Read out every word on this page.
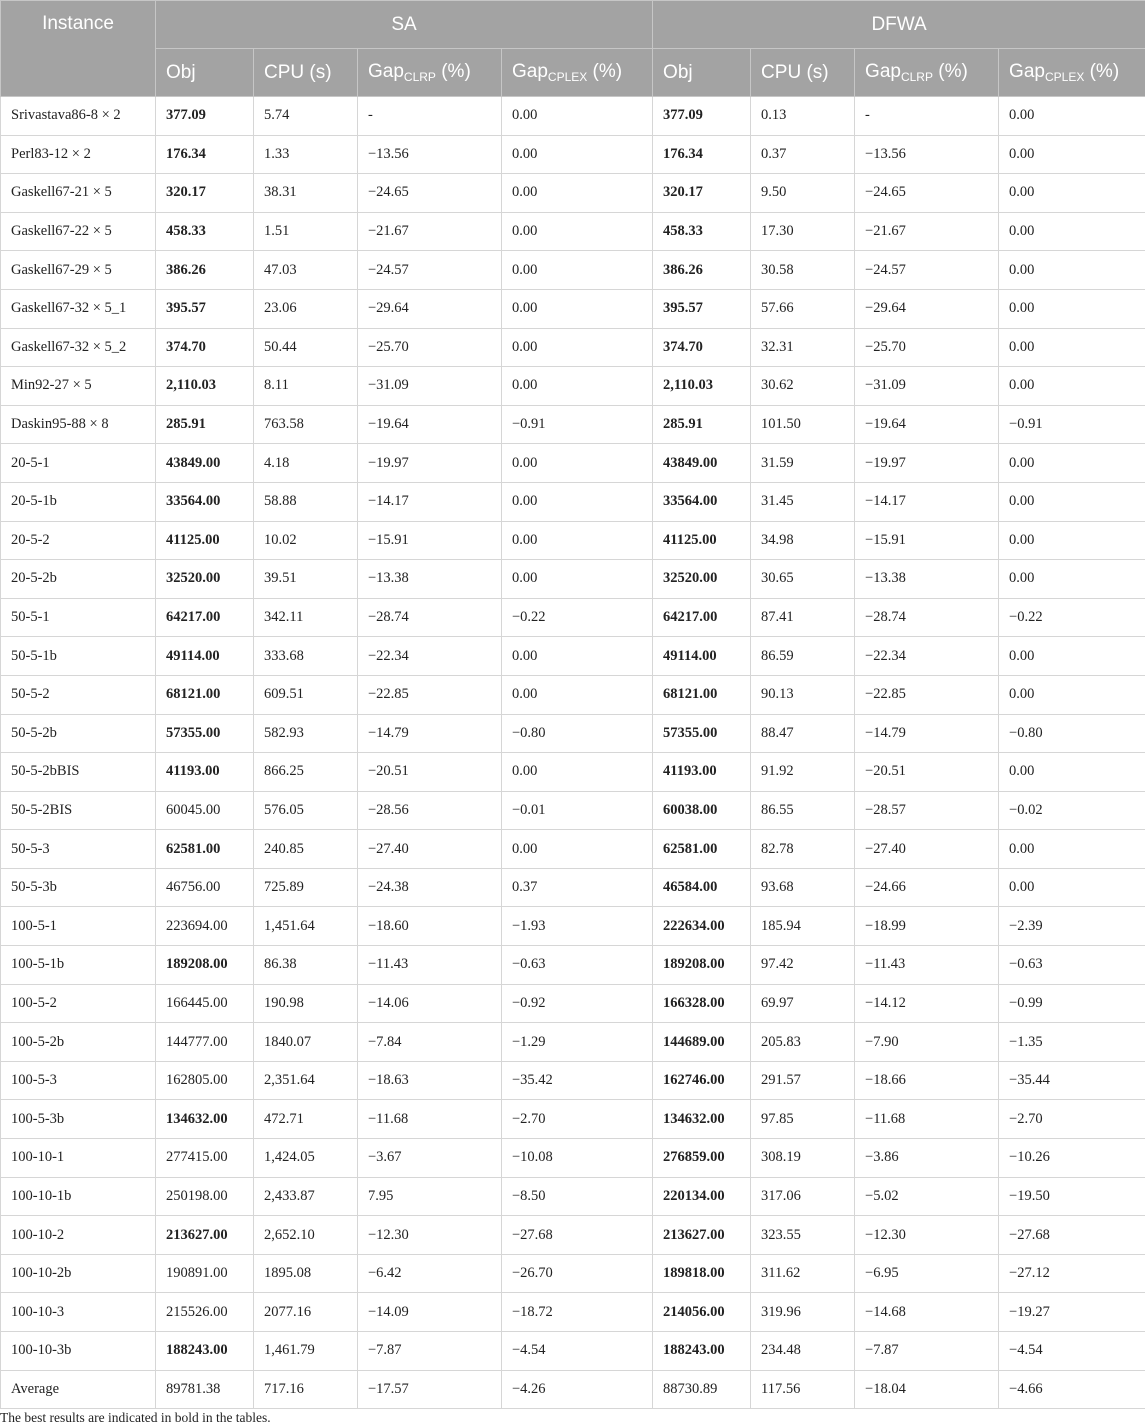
Instance	SA				DFWA			
	Obj	CPU (s)	Gap$_{CLRP}$ (%)	Gap$_{CPLEX}$ (%)	Obj	CPU (s)	Gap$_{CLRP}$ (%)	Gap$_{CPLEX}$ (%)
Srivastava86-8 × 2	377.09	5.74	-	0.00	377.09	0.13	-	0.00
Perl83-12 × 2	176.34	1.33	−13.56	0.00	176.34	0.37	−13.56	0.00
Gaskell67-21 × 5	320.17	38.31	−24.65	0.00	320.17	9.50	−24.65	0.00
Gaskell67-22 × 5	458.33	1.51	−21.67	0.00	458.33	17.30	−21.67	0.00
Gaskell67-29 × 5	386.26	47.03	−24.57	0.00	386.26	30.58	−24.57	0.00
Gaskell67-32 × 5_1	395.57	23.06	−29.64	0.00	395.57	57.66	−29.64	0.00
Gaskell67-32 × 5_2	374.70	50.44	−25.70	0.00	374.70	32.31	−25.70	0.00
Min92-27 × 5	2,110.03	8.11	−31.09	0.00	2,110.03	30.62	−31.09	0.00
Daskin95-88 × 8	285.91	763.58	−19.64	−0.91	285.91	101.50	−19.64	−0.91
20-5-1	43849.00	4.18	−19.97	0.00	43849.00	31.59	−19.97	0.00
20-5-1b	33564.00	58.88	−14.17	0.00	33564.00	31.45	−14.17	0.00
20-5-2	41125.00	10.02	−15.91	0.00	41125.00	34.98	−15.91	0.00
20-5-2b	32520.00	39.51	−13.38	0.00	32520.00	30.65	−13.38	0.00
50-5-1	64217.00	342.11	−28.74	−0.22	64217.00	87.41	−28.74	−0.22
50-5-1b	49114.00	333.68	−22.34	0.00	49114.00	86.59	−22.34	0.00
50-5-2	68121.00	609.51	−22.85	0.00	68121.00	90.13	−22.85	0.00
50-5-2b	57355.00	582.93	−14.79	−0.80	57355.00	88.47	−14.79	−0.80
50-5-2bBIS	41193.00	866.25	−20.51	0.00	41193.00	91.92	−20.51	0.00
50-5-2BIS	60045.00	576.05	−28.56	−0.01	60038.00	86.55	−28.57	−0.02
50-5-3	62581.00	240.85	−27.40	0.00	62581.00	82.78	−27.40	0.00
50-5-3b	46756.00	725.89	−24.38	0.37	46584.00	93.68	−24.66	0.00
100-5-1	223694.00	1,451.64	−18.60	−1.93	222634.00	185.94	−18.99	−2.39
100-5-1b	189208.00	86.38	−11.43	−0.63	189208.00	97.42	−11.43	−0.63
100-5-2	166445.00	190.98	−14.06	−0.92	166328.00	69.97	−14.12	−0.99
100-5-2b	144777.00	1840.07	−7.84	−1.29	144689.00	205.83	−7.90	−1.35
100-5-3	162805.00	2,351.64	−18.63	−35.42	162746.00	291.57	−18.66	−35.44
100-5-3b	134632.00	472.71	−11.68	−2.70	134632.00	97.85	−11.68	−2.70
100-10-1	277415.00	1,424.05	−3.67	−10.08	276859.00	308.19	−3.86	−10.26
100-10-1b	250198.00	2,433.87	7.95	−8.50	220134.00	317.06	−5.02	−19.50
100-10-2	213627.00	2,652.10	−12.30	−27.68	213627.00	323.55	−12.30	−27.68
100-10-2b	190891.00	1895.08	−6.42	−26.70	189818.00	311.62	−6.95	−27.12
100-10-3	215526.00	2077.16	−14.09	−18.72	214056.00	319.96	−14.68	−19.27
100-10-3b	188243.00	1,461.79	−7.87	−4.54	188243.00	234.48	−7.87	−4.54
Average	89781.38	717.16	−17.57	−4.26	88730.89	117.56	−18.04	−4.66
The best results are indicated in bold in the tables.
